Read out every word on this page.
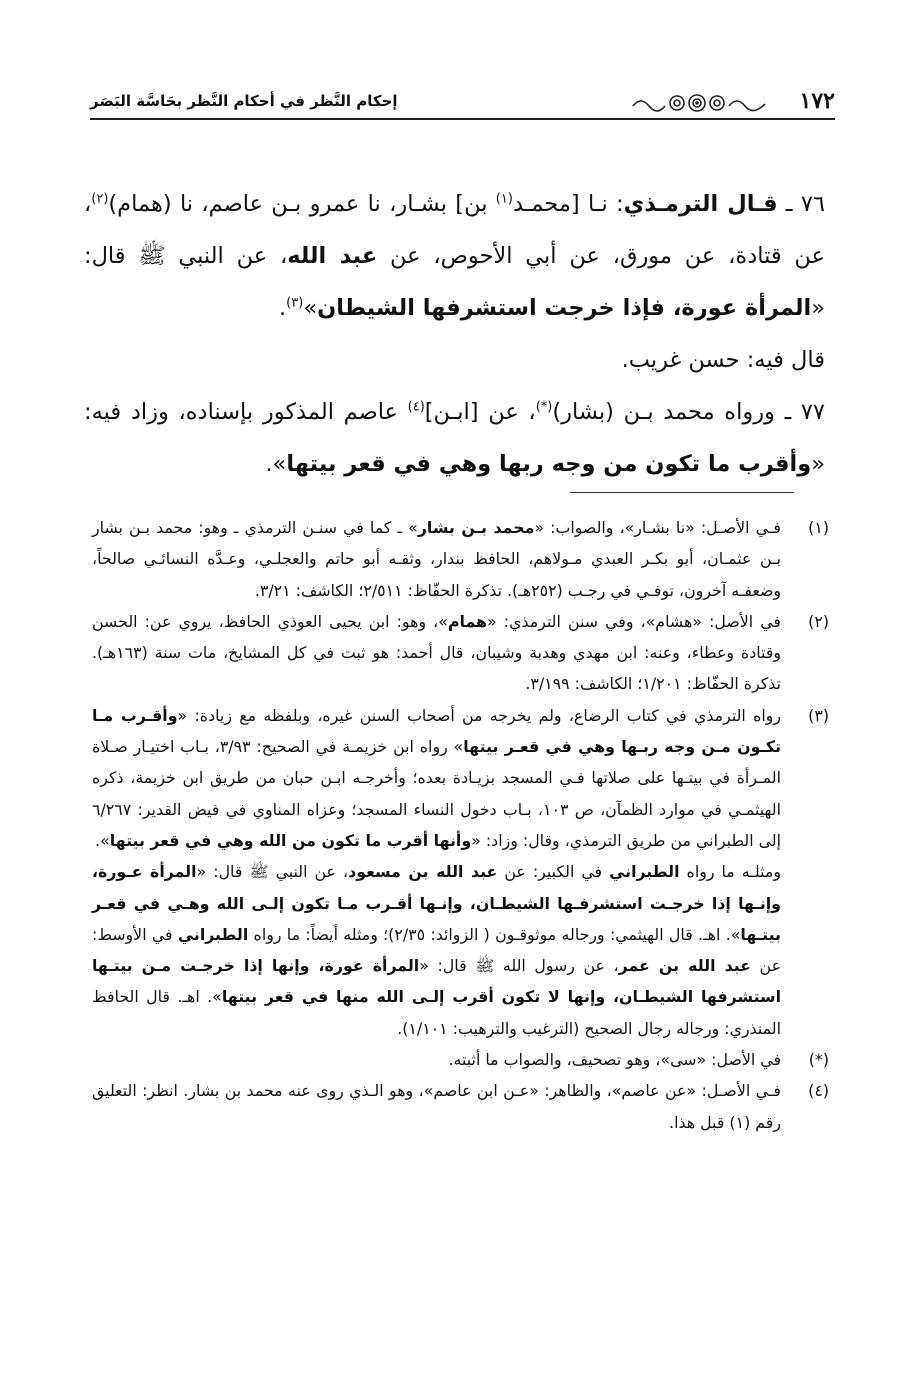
١٧٢
إحكام النَّظر في أحكام النَّظر بحَاسَّة البَصَر

٧٦ ـ قـال الترمـذي: نـا [محمـد$^{(١)}$ بن] بشـار، نا عمرو بـن عاصم، نا (همام)$^{(٢)}$، عن قتادة، عن مورق، عن أبي الأحوص، عن عبد الله، عن النبي ﷺ قال: «المرأة عورة، فإذا خرجت استشرفها الشيطان»$^{(٣)}$.

قال فيه: حسن غريب.

٧٧ ـ ورواه محمد بـن (بشار)(*)، عن [ابـن]$^{(٤)}$ عاصم المذكور بإسناده، وزاد فيه: «وأقرب ما تكون من وجه ربها وهي في قعر بيتها».

(١)
فـي الأصـل: «نا بشـار»، والصواب: «محمد بـن بشار» ـ كما في سنـن الترمذي ـ وهو: محمد بـن بشار بـن عثمـان، أبو بكـر العبدي مـولاهم، الحافظ بندار، وثقـه أبو حاتم والعجلـي، وعـدَّه النسائـي صالحاً، وضعفـه آخرون، توفـي في رجـب (٢٥٢هـ). تذكرة الحفّاظ: ٢/٥١١؛ الكاشف: ٣/٢١.
(٢)
في الأصل: «هشام»، وفي سنن الترمذي: «همام»، وهو: ابن يحيى العوذي الحافظ، يروي عن: الحسن وقتادة وعطاء، وعنه: ابن مهدي وهدبة وشيبان، قال أحمد: هو ثبت في كل المشايخ، مات سنة (١٦٣هـ). تذكرة الحفّاظ: ١/٢٠١؛ الكاشف: ٣/١٩٩.
(٣)

رواه الترمذي في كتاب الرضاع، ولم يخرجه من أصحاب السنن غيره، وبلفظه مع زيادة: «وأقـرب مـا تكـون مـن وجه ربـها وهي في قعـر بيتها» رواه ابن خزيمـة في الصحيح: ٣/٩٣، بـاب اختيـار صـلاة المـرأة في بيتـها على صلاتها فـي المسجد بزيـادة بعده؛ وأخرجـه ابـن حبان من طريق ابن خزيمة، ذكره الهيثمـي في موارد الظمآن، ص ١٠٣، بـاب دخول النساء المسجد؛ وعزاه المناوي في فيض القدير: ٦/٢٦٧ إلى الطبراني من طريق الترمذي، وقال: وزاد: «وأنها أقرب ما تكون من الله وهي في قعر بيتها».

ومثلـه ما رواه الطبراني في الكبير: عن عبد الله بن مسعود، عن النبي ﷺ قال: «المرأة عـورة، وإنـها إذا خرجـت استشرفـها الشيطـان، وإنـها أقـرب مـا تكون إلـى الله وهـي في قعـر بيتـها». اهـ. قال الهيثمي: ورجاله موثوقـون ( الزوائد: ٢/٣٥)؛ ومثله أيضاً: ما رواه الطبراني في الأوسط: عن عبد الله بن عمر، عن رسول الله ﷺ قال: «المرأة عورة، وإنها إذا خرجـت مـن بيتـها استشرفها الشيطـان، وإنها لا تكون أقرب إلـى الله منها في قعر بيتها». اهـ. قال الحافظ المنذري: ورجاله رجال الصحيح (الترغيب والترهيب: ١/١٠١).

(*)
في الأصل: «سى»، وهو تصحيف، والصواب ما أثبته.
(٤)
فـي الأصـل: «عن عاصم»، والظاهر: «عـن ابن عاصم»، وهو الـذي روى عنه محمد بن بشار. انظر: التعليق رقم (١) قبل هذا.
